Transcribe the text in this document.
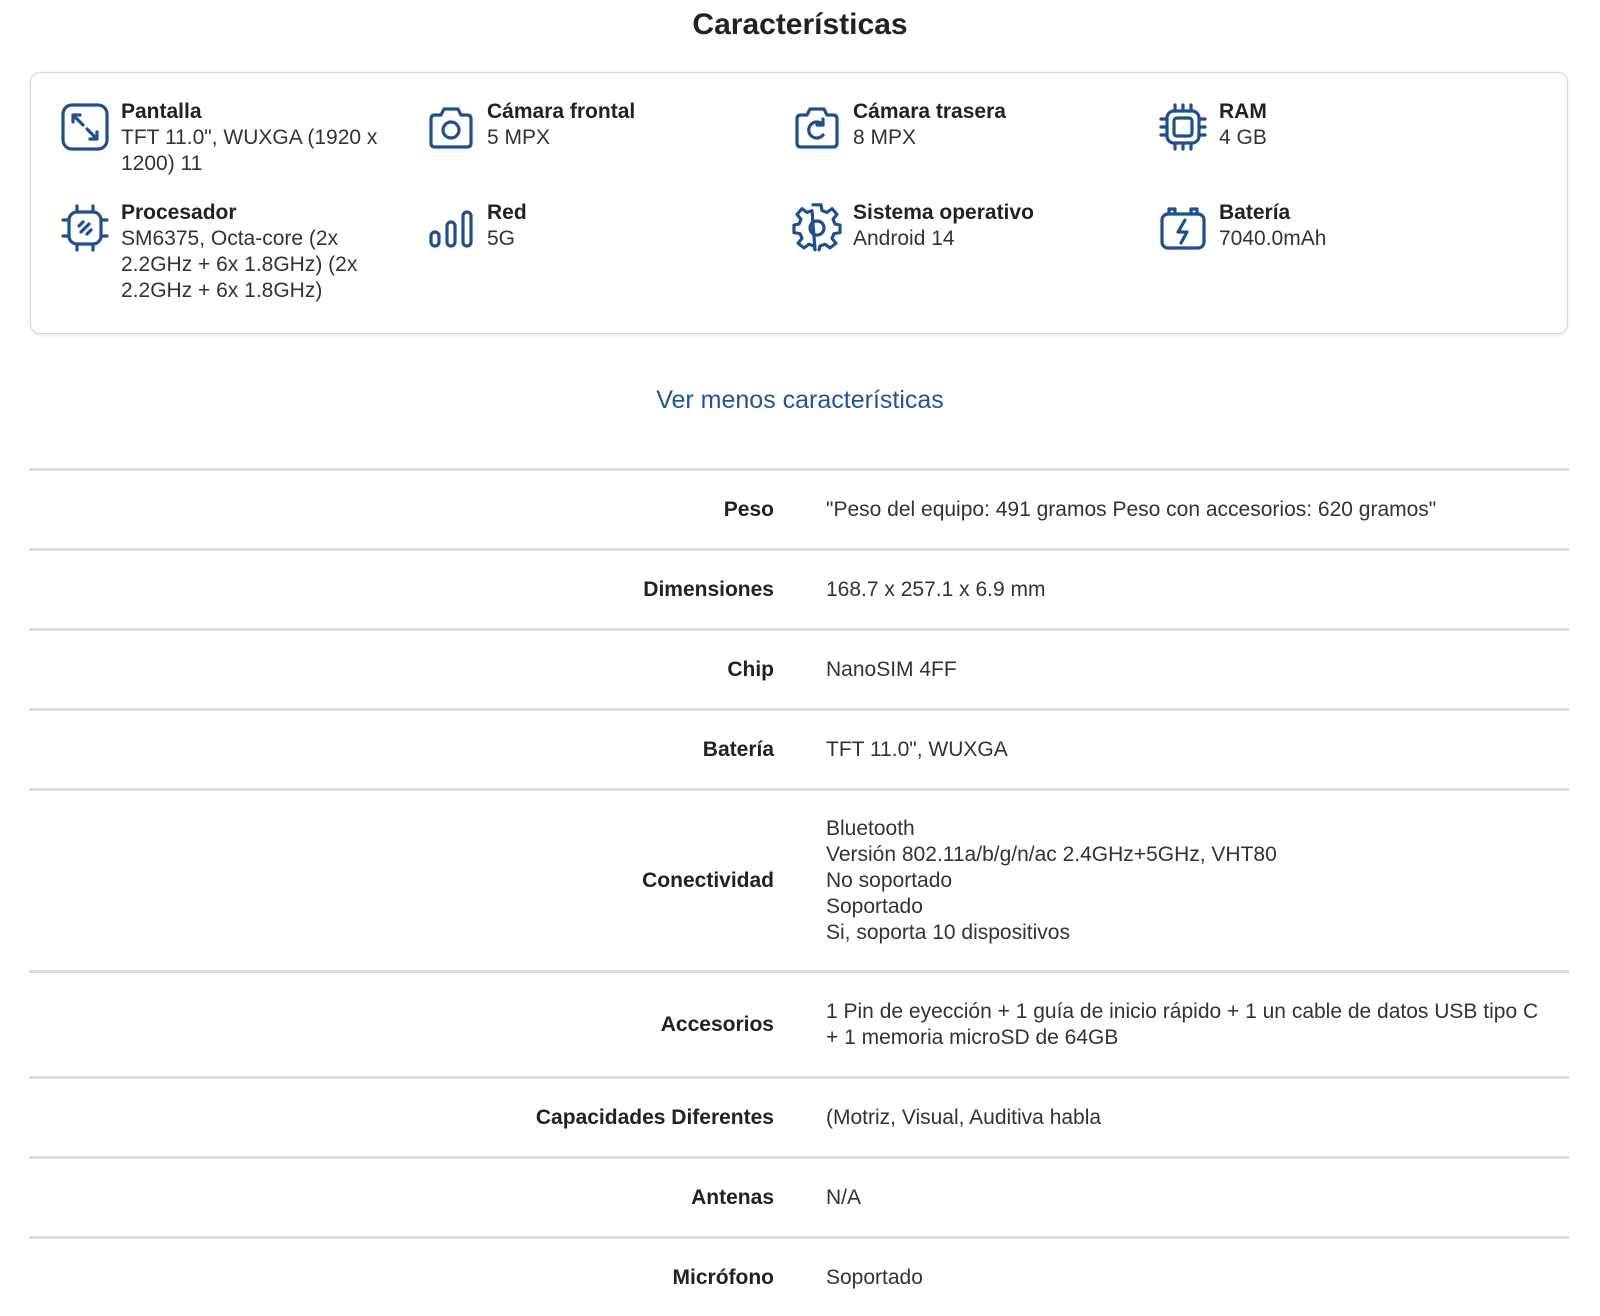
Características
Pantalla
TFT 11.0", WUXGA (1920 x 1200) 11
Cámara frontal
5 MPX
Cámara trasera
8 MPX
RAM
4 GB
Procesador
SM6375, Octa-core (2x 2.2GHz + 6x 1.8GHz) (2x 2.2GHz + 6x 1.8GHz)
Red
5G
Sistema operativo
Android 14
Batería
7040.0mAh
Ver menos características
Peso "Peso del equipo: 491 gramos Peso con accesorios: 620 gramos"
Dimensiones 168.7 x 257.1 x 6.9 mm
Chip NanoSIM 4FF
Batería TFT 11.0", WUXGA
Conectividad
Bluetooth
Versión 802.11a/b/g/n/ac 2.4GHz+5GHz, VHT80
No soportado
Soportado
Si, soporta 10 dispositivos
Accesorios
1 Pin de eyección + 1 guía de inicio rápido + 1 un cable de datos USB tipo C + 1 memoria microSD de 64GB
Capacidades Diferentes (Motriz, Visual, Auditiva habla
Antenas N/A
Micrófono Soportado
